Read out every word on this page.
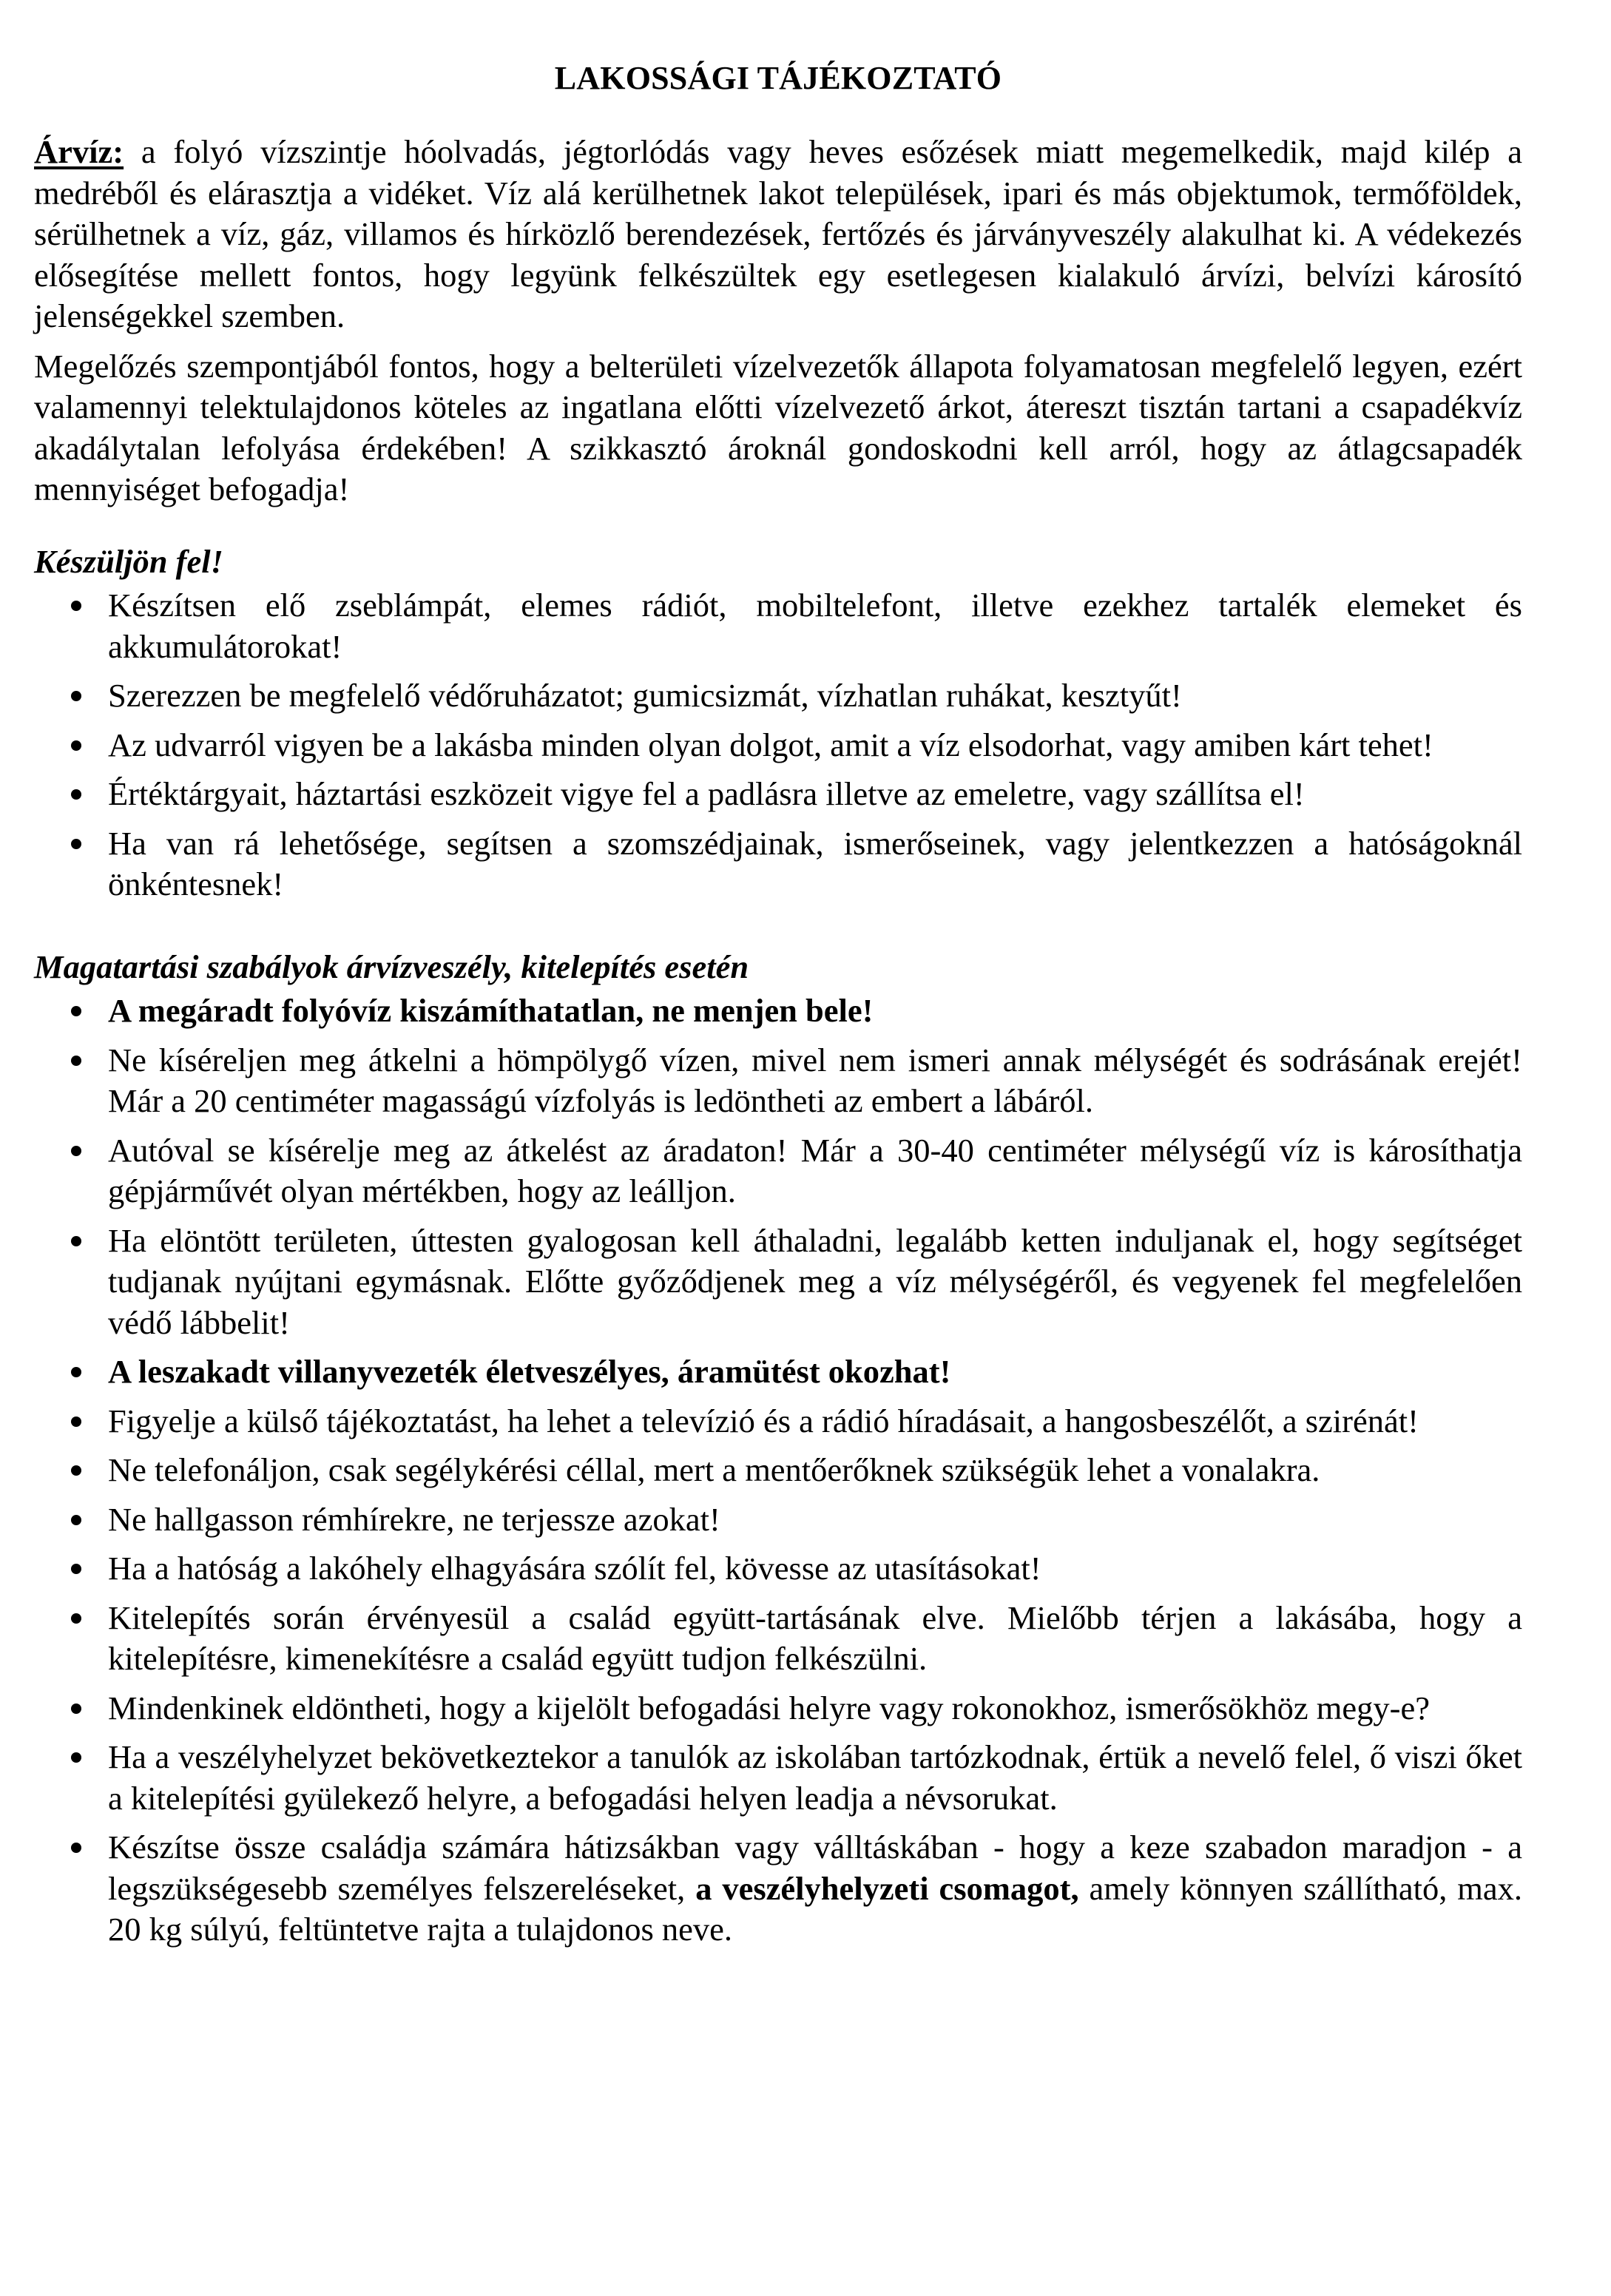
LAKOSSÁGI TÁJÉKOZTATÓ

Árvíz: a folyó vízszintje hóolvadás, jégtorlódás vagy heves esőzések miatt megemelkedik, majd kilép a medréből és elárasztja a vidéket. Víz alá kerülhetnek lakot települések, ipari és más objektumok, termőföldek, sérülhetnek a víz, gáz, villamos és hírközlő berendezések, fertőzés és járványveszély alakulhat ki. A védekezés elősegítése mellett fontos, hogy legyünk felkészültek egy esetlegesen kialakuló árvízi, belvízi károsító jelenségekkel szemben.

Megelőzés szempontjából fontos, hogy a belterületi vízelvezetők állapota folyamatosan megfelelő legyen, ezért valamennyi telektulajdonos köteles az ingatlana előtti vízelvezető árkot, átereszt tisztán tartani a csapadékvíz akadálytalan lefolyása érdekében! A szikkasztó ároknál gondoskodni kell arról, hogy az átlagcsapadék mennyiséget befogadja!

Készüljön fel!
Készítsen elő zseblámpát, elemes rádiót, mobiltelefont, illetve ezekhez tartalék elemeket és akkumulátorokat!
Szerezzen be megfelelő védőruházatot; gumicsizmát, vízhatlan ruhákat, kesztyűt!
Az udvarról vigyen be a lakásba minden olyan dolgot, amit a víz elsodorhat, vagy amiben kárt tehet!
Értéktárgyait, háztartási eszközeit vigye fel a padlásra illetve az emeletre, vagy szállítsa el!
Ha van rá lehetősége, segítsen a szomszédjainak, ismerőseinek, vagy jelentkezzen a hatóságoknál önkéntesnek!
Magatartási szabályok árvízveszély, kitelepítés esetén
A megáradt folyóvíz kiszámíthatatlan, ne menjen bele!
Ne kíséreljen meg átkelni a hömpölygő vízen, mivel nem ismeri annak mélységét és sodrásának erejét! Már a 20 centiméter magasságú vízfolyás is ledöntheti az embert a lábáról.
Autóval se kísérelje meg az átkelést az áradaton! Már a 30-40 centiméter mélységű víz is károsíthatja gépjárművét olyan mértékben, hogy az leálljon.
Ha elöntött területen, úttesten gyalogosan kell áthaladni, legalább ketten induljanak el, hogy segítséget tudjanak nyújtani egymásnak. Előtte győződjenek meg a víz mélységéről, és vegyenek fel megfelelően védő lábbelit!
A leszakadt villanyvezeték életveszélyes, áramütést okozhat!
Figyelje a külső tájékoztatást, ha lehet a televízió és a rádió híradásait, a hangosbeszélőt, a szirénát!
Ne telefonáljon, csak segélykérési céllal, mert a mentőerőknek szükségük lehet a vonalakra.
Ne hallgasson rémhírekre, ne terjessze azokat!
Ha a hatóság a lakóhely elhagyására szólít fel, kövesse az utasításokat!
Kitelepítés során érvényesül a család együtt-tartásának elve. Mielőbb térjen a lakásába, hogy a kitelepítésre, kimenekítésre a család együtt tudjon felkészülni.
Mindenkinek eldöntheti, hogy a kijelölt befogadási helyre vagy rokonokhoz, ismerősökhöz megy-e?
Ha a veszélyhelyzet bekövetkeztekor a tanulók az iskolában tartózkodnak, értük a nevelő felel, ő viszi őket a kitelepítési gyülekező helyre, a befogadási helyen leadja a névsorukat.
Készítse össze családja számára hátizsákban vagy válltáskában - hogy a keze szabadon maradjon - a legszükségesebb személyes felszereléseket, a veszélyhelyzeti csomagot, amely könnyen szállítható, max. 20 kg súlyú, feltüntetve rajta a tulajdonos neve.
